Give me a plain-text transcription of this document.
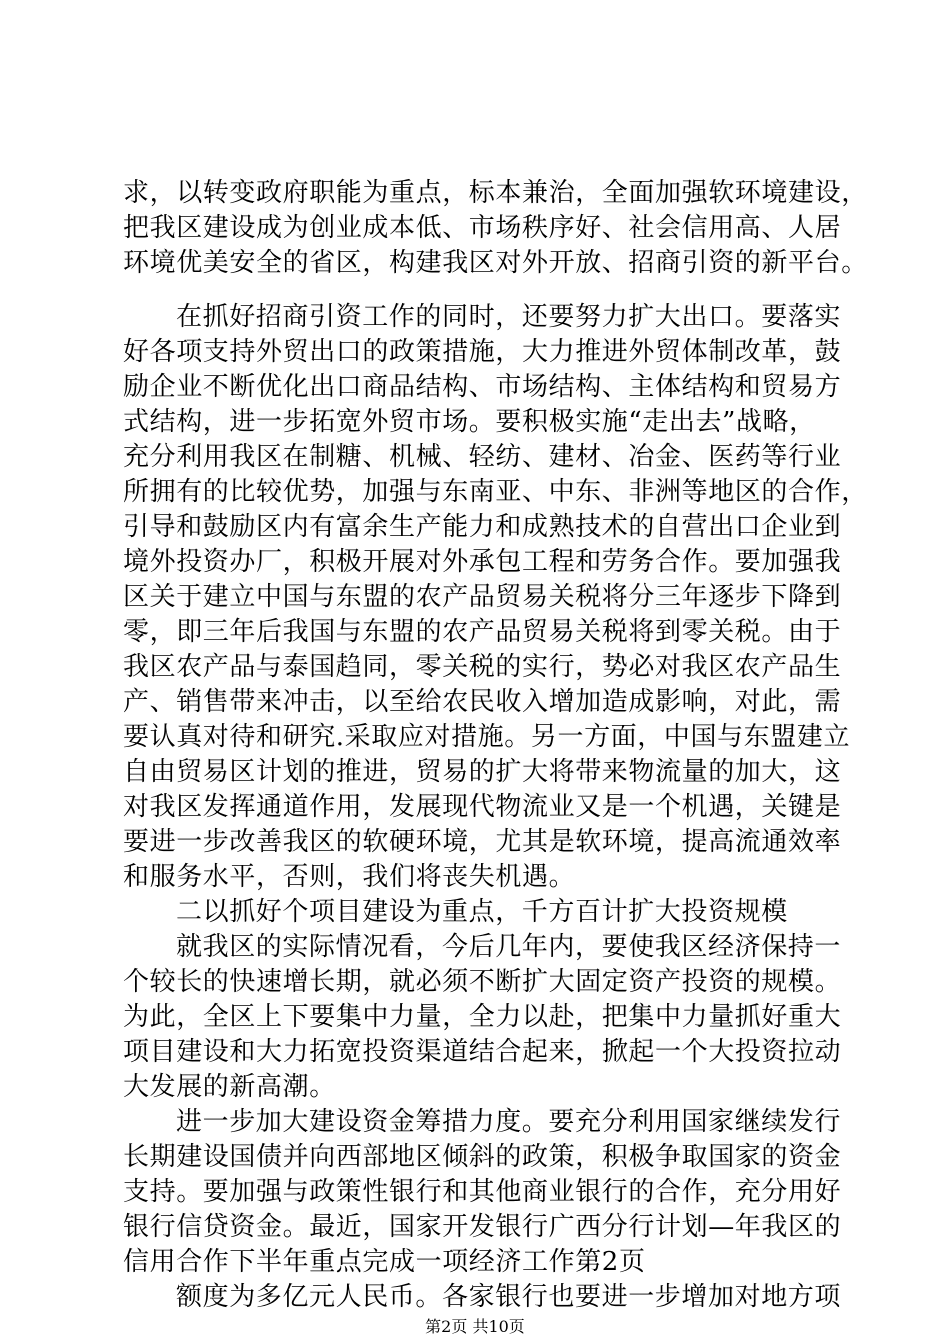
求，以转变政府职能为重点，标本兼治，全面加强软环境建设，
把我区建设成为创业成本低、市场秩序好、社会信用高、人居
环境优美安全的省区，构建我区对外开放、招商引资的新平台。
在抓好招商引资工作的同时，还要努力扩大出口。要落实
好各项支持外贸出口的政策措施，大力推进外贸体制改革，鼓
励企业不断优化出口商品结构、市场结构、主体结构和贸易方
式结构，进一步拓宽外贸市场。要积极实施“走出去”战略，
充分利用我区在制糖、机械、轻纺、建材、冶金、医药等行业
所拥有的比较优势，加强与东南亚、中东、非洲等地区的合作，
引导和鼓励区内有富余生产能力和成熟技术的自营出口企业到
境外投资办厂，积极开展对外承包工程和劳务合作。要加强我
区关于建立中国与东盟的农产品贸易关税将分三年逐步下降到
零，即三年后我国与东盟的农产品贸易关税将到零关税。由于
我区农产品与泰国趋同，零关税的实行，势必对我区农产品生
产、销售带来冲击，以至给农民收入增加造成影响，对此，需
要认真对待和研究.采取应对措施。另一方面，中国与东盟建立
自由贸易区计划的推进，贸易的扩大将带来物流量的加大，这
对我区发挥通道作用，发展现代物流业又是一个机遇，关键是
要进一步改善我区的软硬环境，尤其是软环境，提高流通效率
和服务水平，否则，我们将丧失机遇。
二以抓好个项目建设为重点，千方百计扩大投资规模
就我区的实际情况看，今后几年内，要使我区经济保持一
个较长的快速增长期，就必须不断扩大固定资产投资的规模。
为此，全区上下要集中力量，全力以赴，把集中力量抓好重大
项目建设和大力拓宽投资渠道结合起来，掀起一个大投资拉动
大发展的新高潮。
进一步加大建设资金筹措力度。要充分利用国家继续发行
长期建设国债并向西部地区倾斜的政策，积极争取国家的资金
支持。要加强与政策性银行和其他商业银行的合作，充分用好
银行信贷资金。最近，国家开发银行广西分行计划—年我区的
信用合作下半年重点完成一项经济工作第2页
额度为多亿元人民币。各家银行也要进一步增加对地方项
第2页 共10页
